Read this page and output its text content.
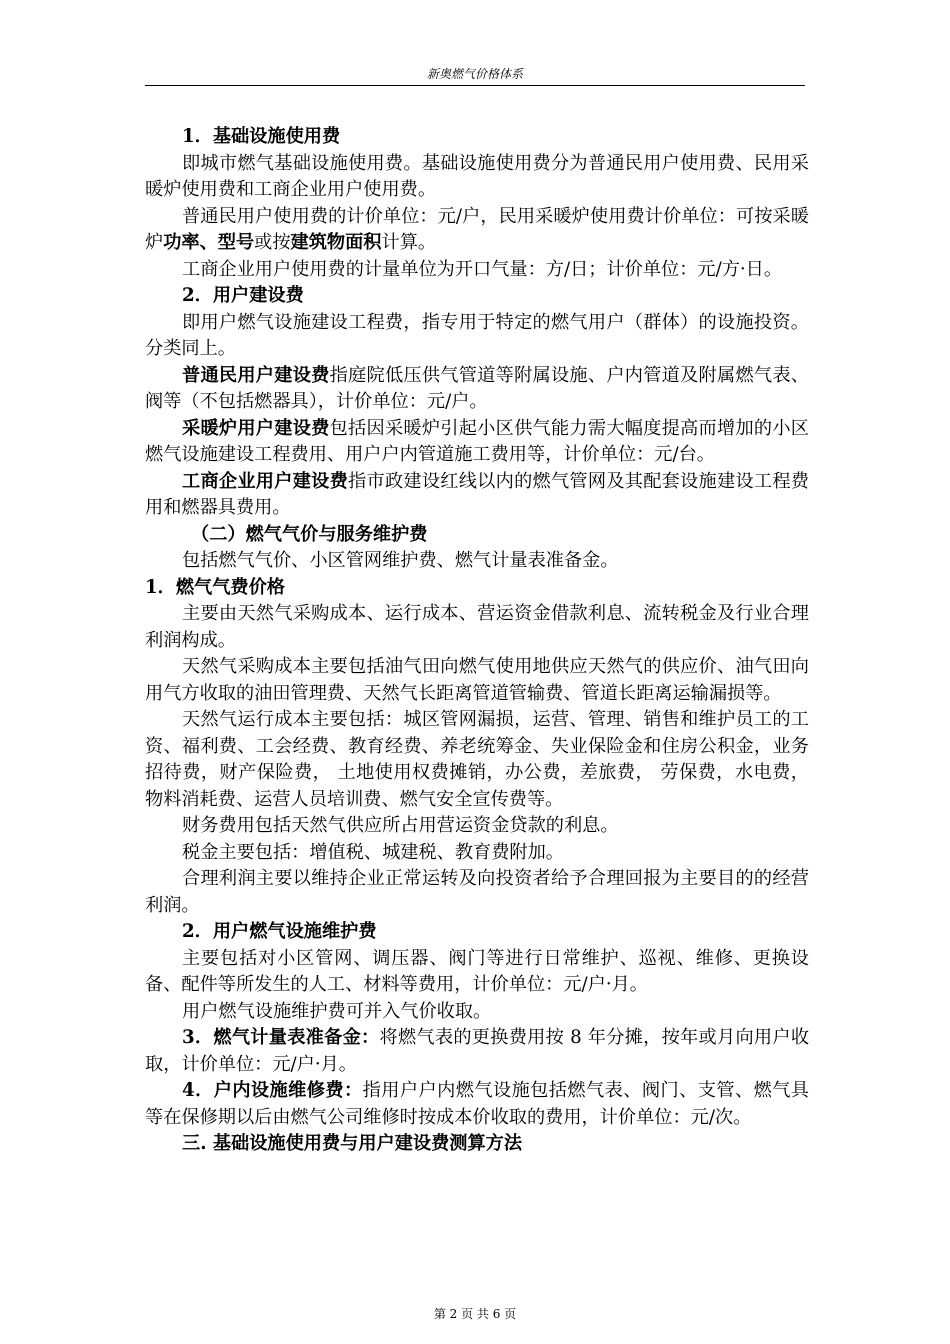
新奥燃气价格体系

1．基础设施使用费

即城市燃气基础设施使用费。基础设施使用费分为普通民用户使用费、民用采暖炉使用费和工商企业用户使用费。

普通民用户使用费的计价单位：元/户，民用采暖炉使用费计价单位：可按采暖炉功率、型号或按建筑物面积计算。

工商企业用户使用费的计量单位为开口气量：方/日；计价单位：元/方·日。

2．用户建设费

即用户燃气设施建设工程费，指专用于特定的燃气用户（群体）的设施投资。分类同上。

普通民用户建设费指庭院低压供气管道等附属设施、户内管道及附属燃气表、阀等（不包括燃器具），计价单位：元/户。

采暖炉用户建设费包括因采暖炉引起小区供气能力需大幅度提高而增加的小区燃气设施建设工程费用、用户户内管道施工费用等，计价单位：元/台。

工商企业用户建设费指市政建设红线以内的燃气管网及其配套设施建设工程费用和燃器具费用。

（二）燃气气价与服务维护费

包括燃气气价、小区管网维护费、燃气计量表准备金。

1．燃气气费价格

主要由天然气采购成本、运行成本、营运资金借款利息、流转税金及行业合理利润构成。

天然气采购成本主要包括油气田向燃气使用地供应天然气的供应价、油气田向用气方收取的油田管理费、天然气长距离管道管输费、管道长距离运输漏损等。

天然气运行成本主要包括：城区管网漏损，运营、管理、销售和维护员工的工资、福利费、工会经费、教育经费、养老统筹金、失业保险金和住房公积金，业务招待费，财产保险费， 土地使用权费摊销，办公费，差旅费， 劳保费，水电费，物料消耗费、运营人员培训费、燃气安全宣传费等。

财务费用包括天然气供应所占用营运资金贷款的利息。

税金主要包括：增值税、城建税、教育费附加。

合理利润主要以维持企业正常运转及向投资者给予合理回报为主要目的的经营利润。

2．用户燃气设施维护费

主要包括对小区管网、调压器、阀门等进行日常维护、巡视、维修、更换设备、配件等所发生的人工、材料等费用，计价单位：元/户·月。

用户燃气设施维护费可并入气价收取。

3．燃气计量表准备金：将燃气表的更换费用按 8 年分摊，按年或月向用户收取，计价单位：元/户·月。

4．户内设施维修费：指用户户内燃气设施包括燃气表、阀门、支管、燃气具等在保修期以后由燃气公司维修时按成本价收取的费用，计价单位：元/次。

三. 基础设施使用费与用户建设费测算方法

第 2 页 共 6 页
